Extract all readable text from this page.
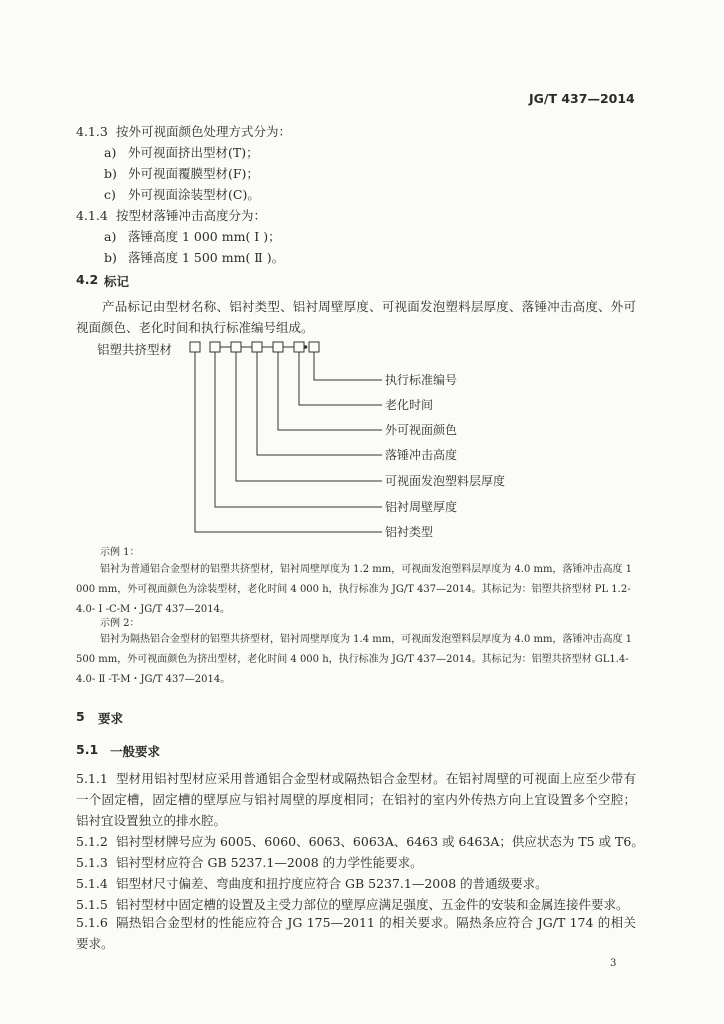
JG/T 437—2014
4.1.3 按外可视面颜色处理方式分为：
a) 外可视面挤出型材(T)；
b) 外可视面覆膜型材(F)；
c) 外可视面涂装型材(C)。
4.1.4 按型材落锤冲击高度分为：
a) 落锤高度 1 000 mm( Ⅰ )；
b) 落锤高度 1 500 mm( Ⅱ )。
4.2 标记
产品标记由型材名称、铝衬类型、铝衬周壁厚度、可视面发泡塑料层厚度、落锤冲击高度、外可视面颜色、老化时间和执行标准编号组成。
铝塑共挤型材
执行标准编号
老化时间
外可视面颜色
落锤冲击高度
可视面发泡塑料层厚度
铝衬周壁厚度
铝衬类型
示例 1：
铝衬为普通铝合金型材的铝塑共挤型材，铝衬周壁厚度为 1.2 mm，可视面发泡塑料层厚度为 4.0 mm，落锤冲击高度 1 000 mm，外可视面颜色为涂装型材，老化时间 4 000 h，执行标准为 JG/T 437—2014。其标记为：铝塑共挤型材 PL 1.2-4.0- Ⅰ -C-M・JG/T 437—2014。
示例 2：
铝衬为隔热铝合金型材的铝塑共挤型材，铝衬周壁厚度为 1.4 mm，可视面发泡塑料层厚度为 4.0 mm，落锤冲击高度 1 500 mm，外可视面颜色为挤出型材，老化时间 4 000 h，执行标准为 JG/T 437—2014。其标记为：铝塑共挤型材 GL1.4-4.0- Ⅱ -T-M・JG/T 437—2014。
5 要求
5.1 一般要求
5.1.1 型材用铝衬型材应采用普通铝合金型材或隔热铝合金型材。在铝衬周壁的可视面上应至少带有一个固定槽，固定槽的壁厚应与铝衬周壁的厚度相同；在铝衬的室内外传热方向上宜设置多个空腔；铝衬宜设置独立的排水腔。
5.1.2 铝衬型材牌号应为 6005、6060、6063、6063A、6463 或 6463A；供应状态为 T5 或 T6。
5.1.3 铝衬型材应符合 GB 5237.1—2008 的力学性能要求。
5.1.4 铝型材尺寸偏差、弯曲度和扭拧度应符合 GB 5237.1—2008 的普通级要求。
5.1.5 铝衬型材中固定槽的设置及主受力部位的壁厚应满足强度、五金件的安装和金属连接件要求。
5.1.6 隔热铝合金型材的性能应符合 JG 175—2011 的相关要求。隔热条应符合 JG/T 174 的相关要求。
3
